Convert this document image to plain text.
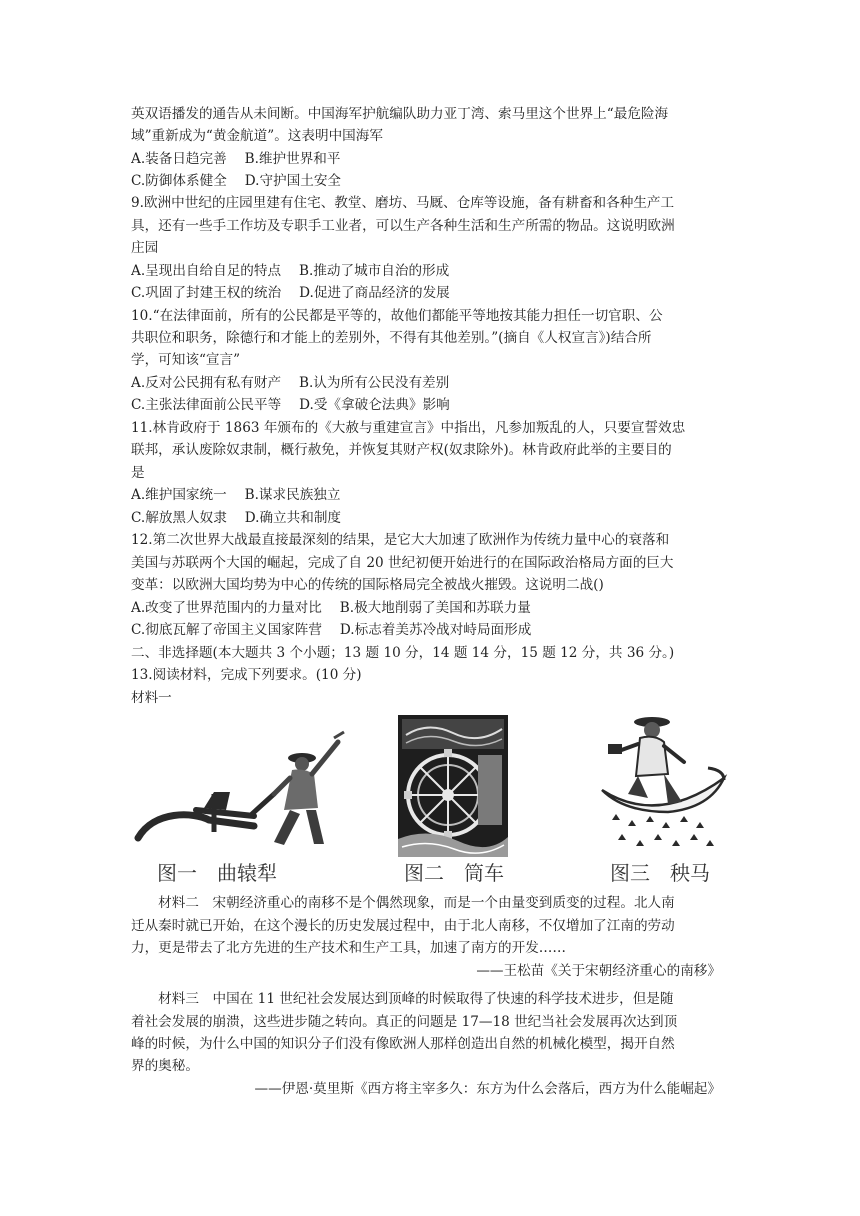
英双语播发的通告从未间断。中国海军护航编队助力亚丁湾、索马里这个世界上“最危险海
域”重新成为“黄金航道”。这表明中国海军
A.装备日趋完善　 B.维护世界和平
C.防御体系健全　 D.守护国土安全
9.欧洲中世纪的庄园里建有住宅、教堂、磨坊、马厩、仓库等设施，备有耕畜和各种生产工
具，还有一些手工作坊及专职手工业者，可以生产各种生活和生产所需的物品。这说明欧洲
庄园
A.呈现出自给自足的特点　 B.推动了城市自治的形成
C.巩固了封建王权的统治　 D.促进了商品经济的发展
10.“在法律面前，所有的公民都是平等的，故他们都能平等地按其能力担任一切官职、公
共职位和职务，除德行和才能上的差别外，不得有其他差别。”(摘自《人权宣言》)结合所
学，可知该“宣言”
A.反对公民拥有私有财产　 B.认为所有公民没有差别
C.主张法律面前公民平等　 D.受《拿破仑法典》影响
11.林肯政府于 1863 年颁布的《大赦与重建宣言》中指出，凡参加叛乱的人，只要宣誓效忠
联邦，承认废除奴隶制，概行赦免，并恢复其财产权(奴隶除外)。林肯政府此举的主要目的
是
A.维护国家统一　 B.谋求民族独立
C.解放黑人奴隶　 D.确立共和制度
12.第二次世界大战最直接最深刻的结果，是它大大加速了欧洲作为传统力量中心的衰落和
美国与苏联两个大国的崛起，完成了自 20 世纪初便开始进行的在国际政治格局方面的巨大
变革：以欧洲大国均势为中心的传统的国际格局完全被战火摧毁。这说明二战()
A.改变了世界范围内的力量对比　 B.极大地削弱了美国和苏联力量
C.彻底瓦解了帝国主义国家阵营　 D.标志着美苏冷战对峙局面形成
二、非选择题(本大题共 3 个小题；13 题 10 分，14 题 14 分，15 题 12 分，共 36 分。)
13.阅读材料，完成下列要求。(10 分)
材料一
图一　曲辕犁	图二　筒车	图三　秧马
　　材料二　宋朝经济重心的南移不是个偶然现象，而是一个由量变到质变的过程。北人南
迁从秦时就已开始，在这个漫长的历史发展过程中，由于北人南移，不仅增加了江南的劳动
力，更是带去了北方先进的生产技术和生产工具，加速了南方的开发……
——王松苗《关于宋朝经济重心的南移》
　　材料三　中国在 11 世纪社会发展达到顶峰的时候取得了快速的科学技术进步，但是随
着社会发展的崩溃，这些进步随之转向。真正的问题是 17—18 世纪当社会发展再次达到顶
峰的时候，为什么中国的知识分子们没有像欧洲人那样创造出自然的机械化模型，揭开自然
界的奥秘。
——伊恩·莫里斯《西方将主宰多久：东方为什么会落后，西方为什么能崛起》
